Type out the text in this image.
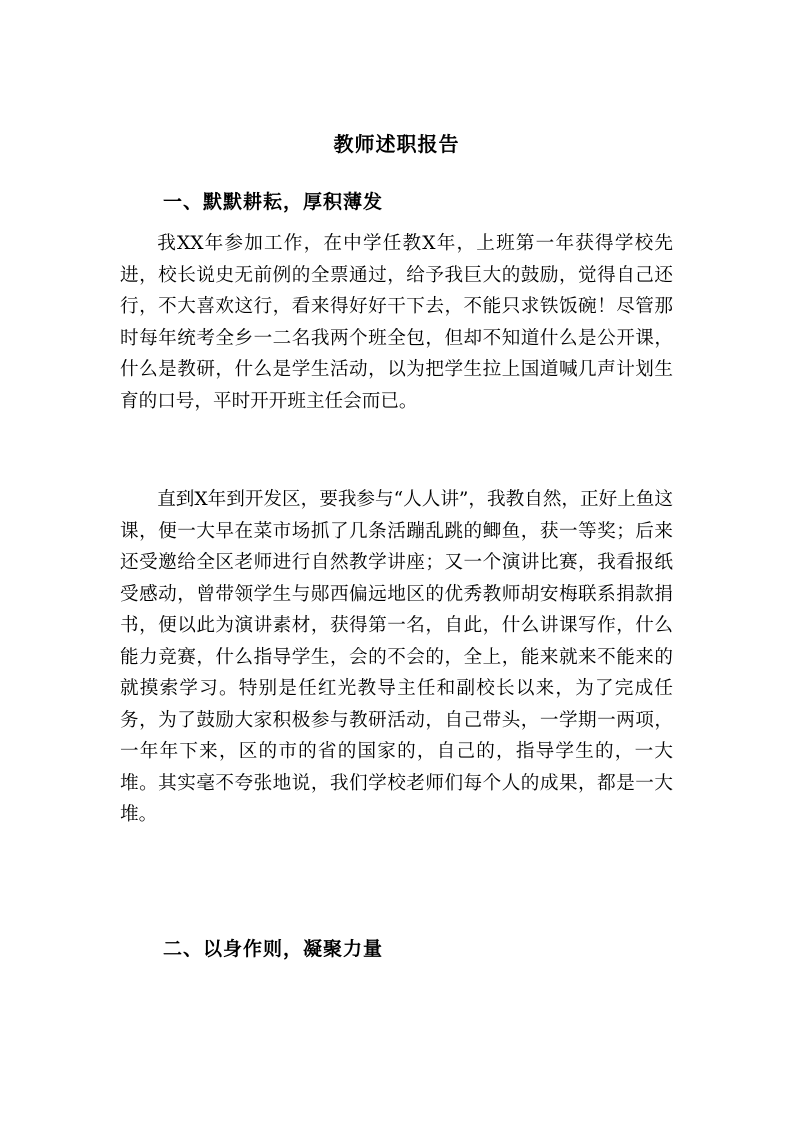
教师述职报告
一、默默耕耘，厚积薄发

我XX年参加工作，在中学任教X年，上班第一年获得学校先进，校长说史无前例的全票通过，给予我巨大的鼓励，觉得自己还行，不大喜欢这行，看来得好好干下去，不能只求铁饭碗！尽管那时每年统考全乡一二名我两个班全包，但却不知道什么是公开课，什么是教研，什么是学生活动，以为把学生拉上国道喊几声计划生育的口号，平时开开班主任会而已。

直到X年到开发区，要我参与“人人讲”，我教自然，正好上鱼这课，便一大早在菜市场抓了几条活蹦乱跳的鲫鱼，获一等奖；后来还受邀给全区老师进行自然教学讲座；又一个演讲比赛，我看报纸受感动，曾带领学生与郧西偏远地区的优秀教师胡安梅联系捐款捐书，便以此为演讲素材，获得第一名，自此，什么讲课写作，什么能力竞赛，什么指导学生，会的不会的，全上，能来就来不能来的就摸索学习。特别是任红光教导主任和副校长以来，为了完成任务，为了鼓励大家积极参与教研活动，自己带头，一学期一两项，一年年下来，区的市的省的国家的，自己的，指导学生的，一大堆。其实毫不夸张地说，我们学校老师们每个人的成果，都是一大堆。

二、以身作则，凝聚力量
